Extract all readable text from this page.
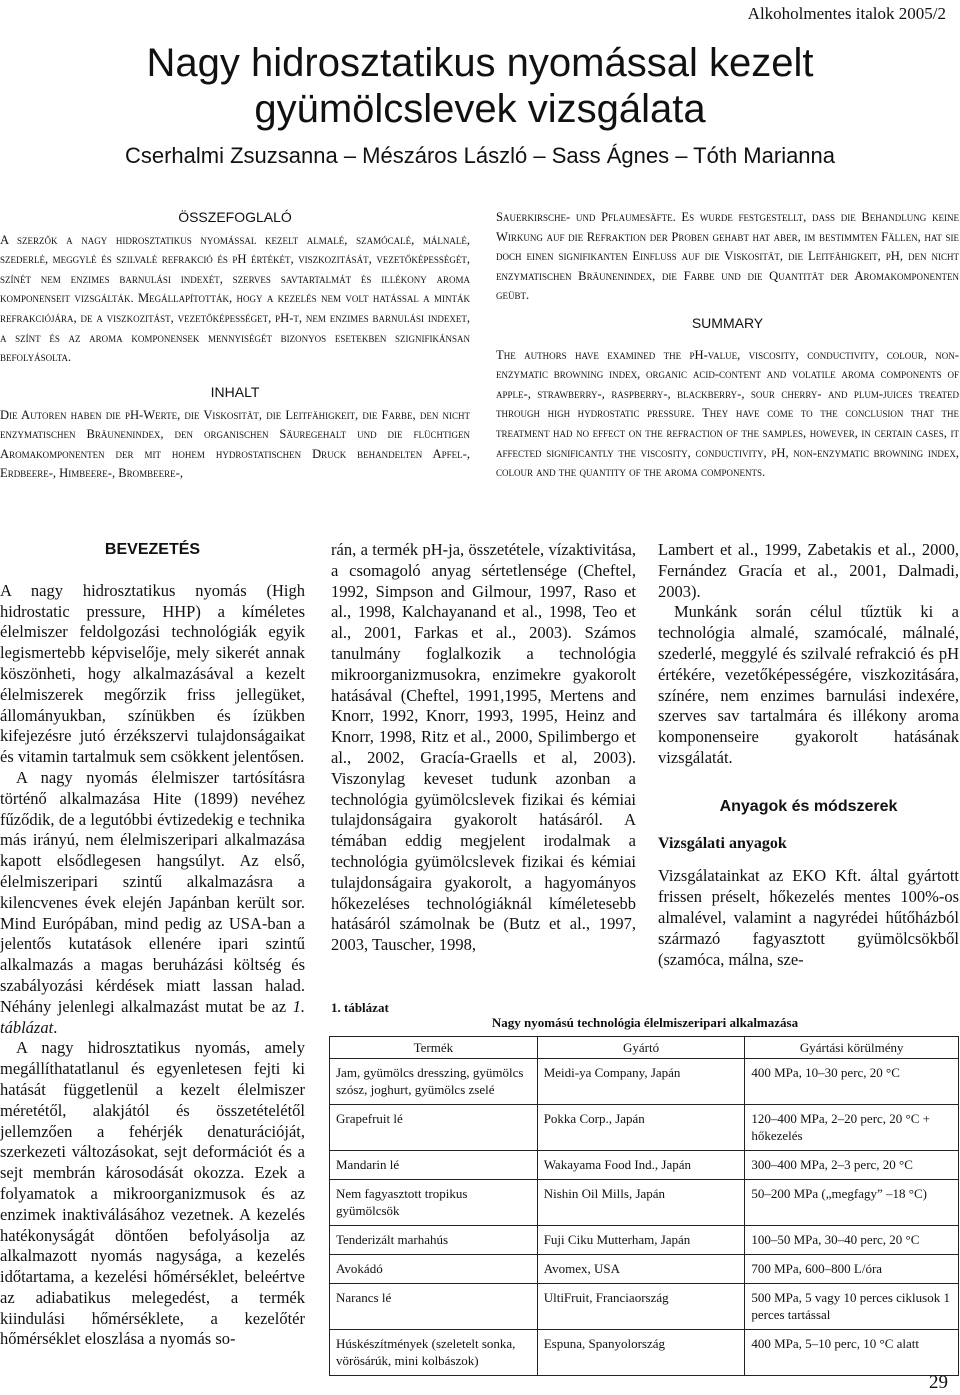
Alkoholmentes italok 2005/2
Nagy hidrosztatikus nyomással kezelt
gyümölcslevek vizsgálata
Cserhalmi Zsuzsanna – Mészáros László – Sass Ágnes – Tóth Marianna
ÖSSZEFOGLALÓ
A szerzők a nagy hidrosztatikus nyomással kezelt almalé, szamócalé, málnalé, szederlé, meggylé és szilvalé refrakció és pH értékét, viszkozitását, vezetőképességét, színét nem enzimes barnulási indexét, szerves savtartalmát és illékony aroma komponenseit vizsgálták. Megállapították, hogy a kezelés nem volt hatással a minták refrakciójára, de a viszkozitást, vezetőképességet, pH-t, nem enzimes barnulási indexet, a színt és az aroma komponensek mennyiségét bizonyos esetekben szignifikánsan befolyásolta.
INHALT
Die Autoren haben die pH-Werte, die Viskosität, die Leitfähigkeit, die Farbe, den nicht enzymatischen Bräunenindex, den organischen Säuregehalt und die flüchtigen Aromakomponenten der mit hohem hydrostatischen Druck behandelten Apfel-, Erdbeere-, Himbeere-, Brombeere-,
Sauerkirsche- und Pflaumesäfte. Es wurde festgestellt, dass die Behandlung keine Wirkung auf die Refraktion der Proben gehabt hat aber, im bestimmten Fällen, hat sie doch einen signifikanten Einfluss auf die Viskosität, die Leitfähigkeit, pH, den nicht enzymatischen Bräunenindex, die Farbe und die Quantität der Aromakomponenten geübt.
SUMMARY
The authors have examined the pH-value, viscosity, conductivity, colour, non-enzymatic browning index, organic acid-content and volatile aroma components of apple-, strawberry-, raspberry-, blackberry-, sour cherry- and plum-juices treated through high hydrostatic pressure. They have come to the conclusion that the treatment had no effect on the refraction of the samples, however, in certain cases, it affected significantly the viscosity, conductivity, pH, non-enzymatic browning index, colour and the quantity of the aroma components.
BEVEZETÉS

A nagy hidrosztatikus nyomás (High hidrostatic pressure, HHP) a kíméletes élelmiszer feldolgozási technológiák egyik legismertebb képviselője, mely sikerét annak köszönheti, hogy alkalmazásával a kezelt élelmiszerek megőrzik friss jellegüket, állományukban, színükben és ízükben kifejezésre jutó érzékszervi tulajdonságaikat és vitamin tartalmuk sem csökkent jelentősen.

A nagy nyomás élelmiszer tartósításra történő alkalmazása Hite (1899) nevéhez fűződik, de a legutóbbi évtizedekig e technika más irányú, nem élelmiszeripari alkalmazása kapott elsődlegesen hangsúlyt. Az első, élelmiszeripari szintű alkalmazásra a kilencvenes évek elején Japánban került sor. Mind Európában, mind pedig az USA-ban a jelentős kutatások ellenére ipari szintű alkalmazás a magas beruházási költség és szabályozási kérdések miatt lassan halad. Néhány jelenlegi alkalmazást mutat be az 1. táblázat.

A nagy hidrosztatikus nyomás, amely megállíthatatlanul és egyenletesen fejti ki hatását függetlenül a kezelt élelmiszer méretétől, alakjától és összetételétől jellemzően a fehérjék denaturációját, szerkezeti változásokat, sejt deformációt és a sejt membrán károsodását okozza. Ezek a folyamatok a mikroorganizmusok és az enzimek inaktiválásához vezetnek. A kezelés hatékonyságát döntően befolyásolja az alkalmazott nyomás nagysága, a kezelés időtartama, a kezelési hőmérséklet, beleértve az adiabatikus melegedést, a termék kiindulási hőmérséklete, a kezelőtér hőmérséklet eloszlása a nyomás so-

rán, a termék pH-ja, összetétele, vízaktivitása, a csomagoló anyag sértetlensége (Cheftel, 1992, Simpson and Gilmour, 1997, Raso et al., 1998, Kalchayanand et al., 1998, Teo et al., 2001, Farkas et al., 2003). Számos tanulmány foglalkozik a technológia mikroorganizmusokra, enzimekre gyakorolt hatásával (Cheftel, 1991,1995, Mertens and Knorr, 1992, Knorr, 1993, 1995, Heinz and Knorr, 1998, Ritz et al., 2000, Spilimbergo et al., 2002, Gracía-Graells et al, 2003). Viszonylag keveset tudunk azonban a technológia gyümölcslevek fizikai és kémiai tulajdonságaira gyakorolt hatásáról. A témában eddig megjelent irodalmak a technológia gyümölcslevek fizikai és kémiai tulajdonságaira gyakorolt, a hagyományos hőkezeléses technológiáknál kíméletesebb hatásáról számolnak be (Butz et al., 1997, 2003, Tauscher, 1998,

Lambert et al., 1999, Zabetakis et al., 2000, Fernández Gracía et al., 2001, Dalmadi, 2003).

Munkánk során célul tűztük ki a technológia almalé, szamócalé, málnalé, szederlé, meggylé és szilvalé refrakció és pH értékére, vezetőképességére, viszkozitására, színére, nem enzimes barnulási indexére, szerves sav tartalmára és illékony aroma komponenseire gyakorolt hatásának vizsgálatát.

Anyagok és módszerek
Vizsgálati anyagok

Vizsgálatainkat az EKO Kft. által gyártott frissen préselt, hőkezelés mentes 100%-os almalével, valamint a nagyrédei hűtőházból származó fagyasztott gyümölcsökből (szamóca, málna, sze-

1. táblázat
Nagy nyomású technológia élelmiszeripari alkalmazása
Termék	Gyártó	Gyártási körülmény
Jam, gyümölcs dresszing, gyümölcs szósz, joghurt, gyümölcs zselé	Meidi-ya Company, Japán	400 MPa, 10–30 perc, 20 °C
Grapefruit lé	Pokka Corp., Japán	120–400 MPa, 2–20 perc, 20 °C + hőkezelés
Mandarin lé	Wakayama Food Ind., Japán	300–400 MPa, 2–3 perc, 20 °C
Nem fagyasztott tropikus gyümölcsök	Nishin Oil Mills, Japán	50–200 MPa („megfagy” –18 °C)
Tenderizált marhahús	Fuji Ciku Mutterham, Japán	100–50 MPa, 30–40 perc, 20 °C
Avokádó	Avomex, USA	700 MPa, 600–800 L/óra
Narancs lé	UltiFruit, Franciaország	500 MPa, 5 vagy 10 perces ciklusok 1 perces tartással
Húskészítmények (szeletelt sonka, vörösárúk, mini kolbászok)	Espuna, Spanyolország	400 MPa, 5–10 perc, 10 °C alatt
29
